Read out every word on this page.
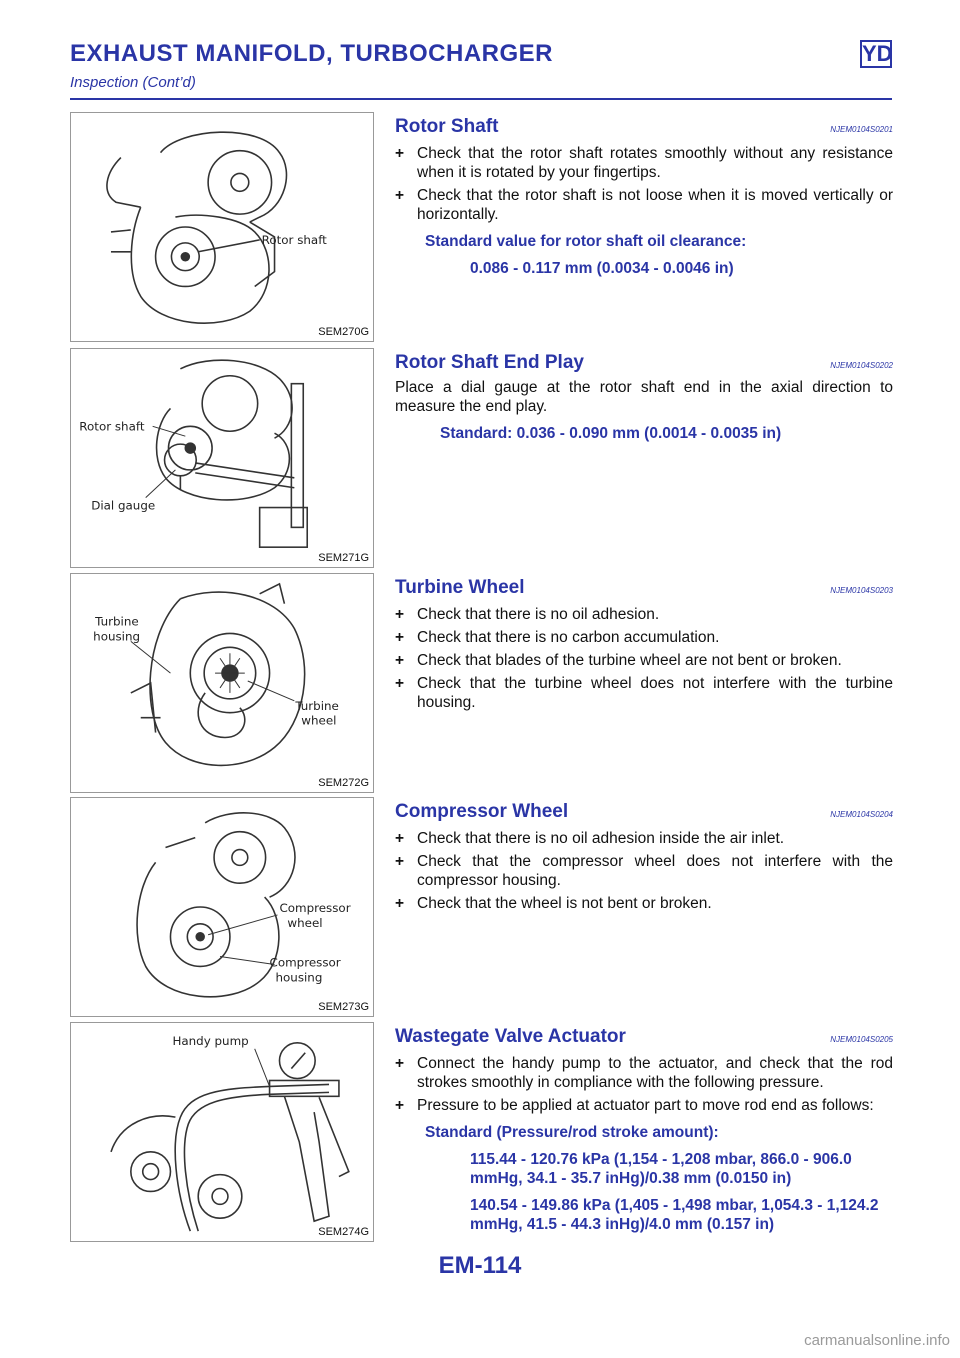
EXHAUST MANIFOLD, TURBOCHARGER	YD
Inspection (Cont’d)
Rotor shaft
SEM270G
Rotor shaft
Dial gauge
SEM271G
Turbine
housing
Turbine
wheel
SEM272G
Compressor
wheel
Compressor
housing
SEM273G
Handy pump
SEM274G
Rotor Shaft	NJEM0104S0201
+ Check that the rotor shaft rotates smoothly without any resistance when it is rotated by your fingertips.
+ Check that the rotor shaft is not loose when it is moved vertically or horizontally.
Standard value for rotor shaft oil clearance:
0.086 - 0.117 mm (0.0034 - 0.0046 in)
Rotor Shaft End Play	NJEM0104S0202
Place a dial gauge at the rotor shaft end in the axial direction to measure the end play.
Standard: 0.036 - 0.090 mm (0.0014 - 0.0035 in)
Turbine Wheel	NJEM0104S0203
+ Check that there is no oil adhesion.
+ Check that there is no carbon accumulation.
+ Check that blades of the turbine wheel are not bent or broken.
+ Check that the turbine wheel does not interfere with the turbine housing.
Compressor Wheel	NJEM0104S0204
+ Check that there is no oil adhesion inside the air inlet.
+ Check that the compressor wheel does not interfere with the compressor housing.
+ Check that the wheel is not bent or broken.
Wastegate Valve Actuator	NJEM0104S0205
+ Connect the handy pump to the actuator, and check that the rod strokes smoothly in compliance with the following pressure.
+ Pressure to be applied at actuator part to move rod end as follows:
Standard (Pressure/rod stroke amount):
115.44 - 120.76 kPa (1,154 - 1,208 mbar, 866.0 - 906.0 mmHg, 34.1 - 35.7 inHg)/0.38 mm (0.0150 in)
140.54 - 149.86 kPa (1,405 - 1,498 mbar, 1,054.3 - 1,124.2 mmHg, 41.5 - 44.3 inHg)/4.0 mm (0.157 in)
EM-114
carmanualsonline.info
